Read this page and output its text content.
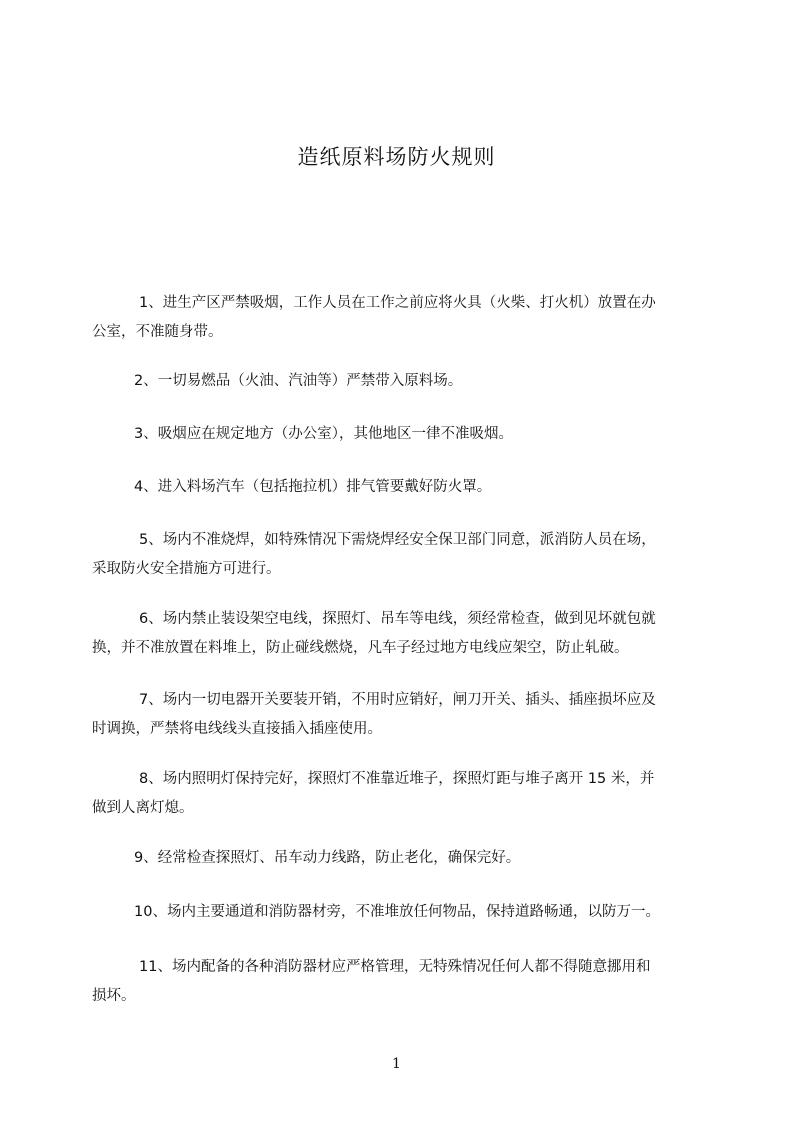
造纸原料场防火规则

1、进生产区严禁吸烟，工作人员在工作之前应将火具（火柴、打火机）放置在办
公室，不准随身带。

2、一切易燃品（火油、汽油等）严禁带入原料场。

3、吸烟应在规定地方（办公室），其他地区一律不准吸烟。

4、进入料场汽车（包括拖拉机）排气管要戴好防火罩。

5、场内不准烧焊，如特殊情况下需烧焊经安全保卫部门同意，派消防人员在场，
采取防火安全措施方可进行。

6、场内禁止装设架空电线，探照灯、吊车等电线，须经常检查，做到见坏就包就
换，并不准放置在料堆上，防止碰线燃烧，凡车子经过地方电线应架空，防止轧破。

7、场内一切电器开关要装开销，不用时应销好，闸刀开关、插头、插座损坏应及
时调换，严禁将电线线头直接插入插座使用。

8、场内照明灯保持完好，探照灯不准靠近堆子，探照灯距与堆子离开 15 米，并
做到人离灯熄。

9、经常检查探照灯、吊车动力线路，防止老化，确保完好。

10、场内主要通道和消防器材旁，不准堆放任何物品，保持道路畅通，以防万一。

11、场内配备的各种消防器材应严格管理，无特殊情况任何人都不得随意挪用和
损坏。

1
